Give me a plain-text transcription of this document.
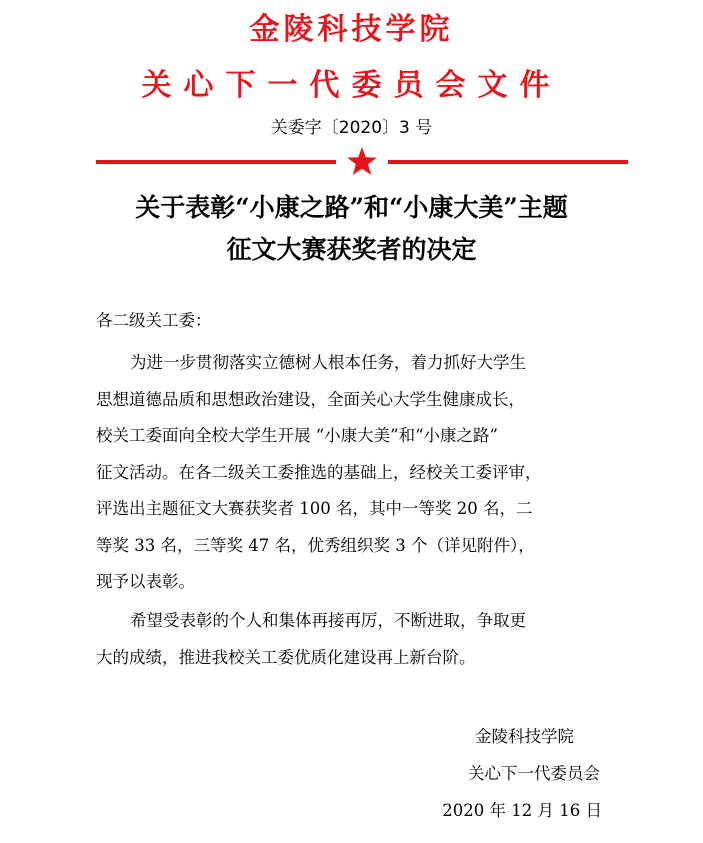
金陵科技学院
关心下一代委员会文件
关委字〔2020〕3 号
关于表彰“小康之路”和“小康大美”主题
征文大赛获奖者的决定
各二级关工委：
为进一步贯彻落实立德树人根本任务，着力抓好大学生
思想道德品质和思想政治建设，全面关心大学生健康成长，
校关工委面向全校大学生开展 “小康大美”和“小康之路”
征文活动。在各二级关工委推选的基础上，经校关工委评审，
评选出主题征文大赛获奖者 100 名，其中一等奖 20 名，二
等奖 33 名，三等奖 47 名，优秀组织奖 3 个（详见附件），
现予以表彰。
希望受表彰的个人和集体再接再厉，不断进取，争取更
大的成绩，推进我校关工委优质化建设再上新台阶。
金陵科技学院
关心下一代委员会
2020 年 12 月 16 日
